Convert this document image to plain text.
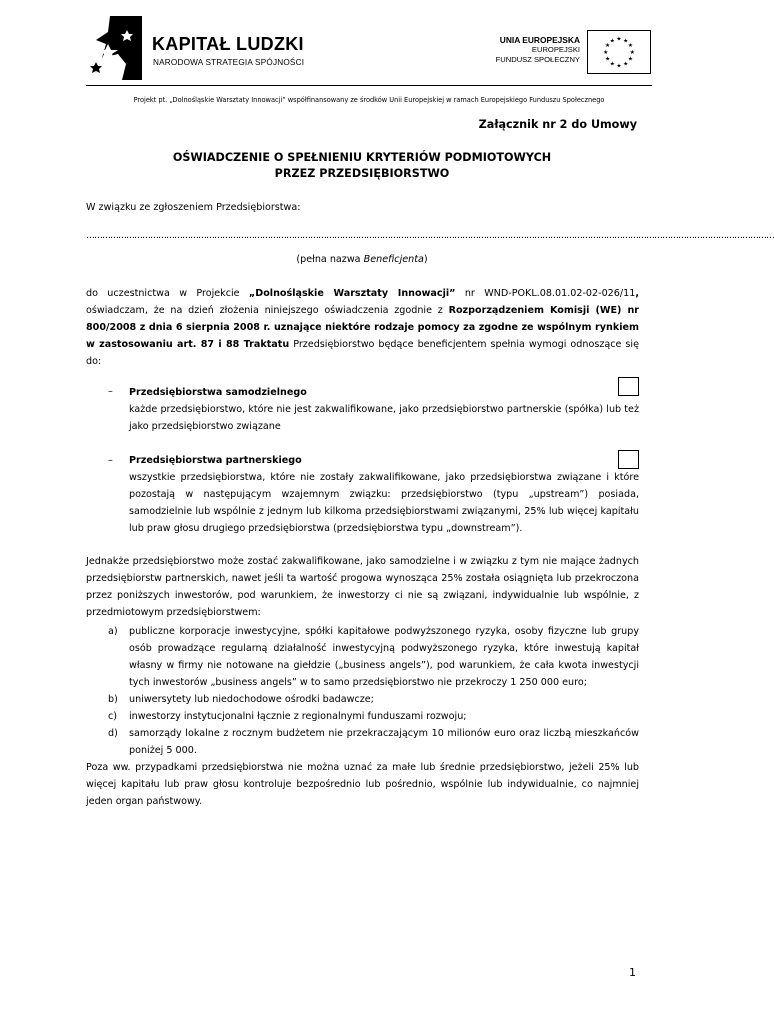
KAPITAŁ LUDZKI
NARODOWA STRATEGIA SPÓJNOŚCI
UNIA EUROPEJSKA
EUROPEJSKI
FUNDUSZ SPOŁECZNY
★ ★
★
★
★
★
★
★
★
★
★
★
Projekt pt. „Dolnośląskie Warsztaty Innowacji” współfinansowany ze środków Unii Europejskiej w ramach Europejskiego Funduszu Społecznego
Załącznik nr 2 do Umowy
OŚWIADCZENIE O SPEŁNIENIU KRYTERIÓW PODMIOTOWYCH
PRZEZ PRZEDSIĘBIORSTWO
W związku ze zgłoszeniem Przedsiębiorstwa:
……………………………………………………………………………………………………………………………………………………………………………………………………………………………………
(pełna nazwa Beneficjenta)
do uczestnictwa w Projekcie „Dolnośląskie Warsztaty Innowacji” nr WND-POKL.08.01.02-02-026/11, oświadczam, że na dzień złożenia niniejszego oświadczenia zgodnie z Rozporządzeniem Komisji (WE) nr 800/2008 z dnia 6 sierpnia 2008 r. uznające niektóre rodzaje pomocy za zgodne ze wspólnym rynkiem w zastosowaniu art. 87 i 88 Traktatu Przedsiębiorstwo będące beneficjentem spełnia wymogi odnoszące się do:
– Przedsiębiorstwa samodzielnego
każde przedsiębiorstwo, które nie jest zakwalifikowane, jako przedsiębiorstwo partnerskie (spółka) lub też jako przedsiębiorstwo związane
– Przedsiębiorstwa partnerskiego
wszystkie przedsiębiorstwa, które nie zostały zakwalifikowane, jako przedsiębiorstwa związane i które pozostają w następującym wzajemnym związku: przedsiębiorstwo (typu „upstream”) posiada, samodzielnie lub wspólnie z jednym lub kilkoma przedsiębiorstwami związanymi, 25% lub więcej kapitału lub praw głosu drugiego przedsiębiorstwa (przedsiębiorstwa typu „downstream”).
Jednakże przedsiębiorstwo może zostać zakwalifikowane, jako samodzielne i w związku z tym nie mające żadnych przedsiębiorstw partnerskich, nawet jeśli ta wartość progowa wynosząca 25% została osiągnięta lub przekroczona przez poniższych inwestorów, pod warunkiem, że inwestorzy ci nie są związani, indywidualnie lub wspólnie, z przedmiotowym przedsiębiorstwem:
a) publiczne korporacje inwestycyjne, spółki kapitałowe podwyższonego ryzyka, osoby fizyczne lub grupy osób prowadzące regularną działalność inwestycyjną podwyższonego ryzyka, które inwestują kapitał własny w firmy nie notowane na giełdzie („business angels”), pod warunkiem, że cała kwota inwestycji tych inwestorów „business angels” w to samo przedsiębiorstwo nie przekroczy 1 250 000 euro;
b) uniwersytety lub niedochodowe ośrodki badawcze;
c) inwestorzy instytucjonalni łącznie z regionalnymi funduszami rozwoju;
d) samorządy lokalne z rocznym budżetem nie przekraczającym 10 milionów euro oraz liczbą mieszkańców poniżej 5 000.
Poza ww. przypadkami przedsiębiorstwa nie można uznać za małe lub średnie przedsiębiorstwo, jeżeli 25% lub więcej kapitału lub praw głosu kontroluje bezpośrednio lub pośrednio, wspólnie lub indywidualnie, co najmniej jeden organ państwowy.
1
